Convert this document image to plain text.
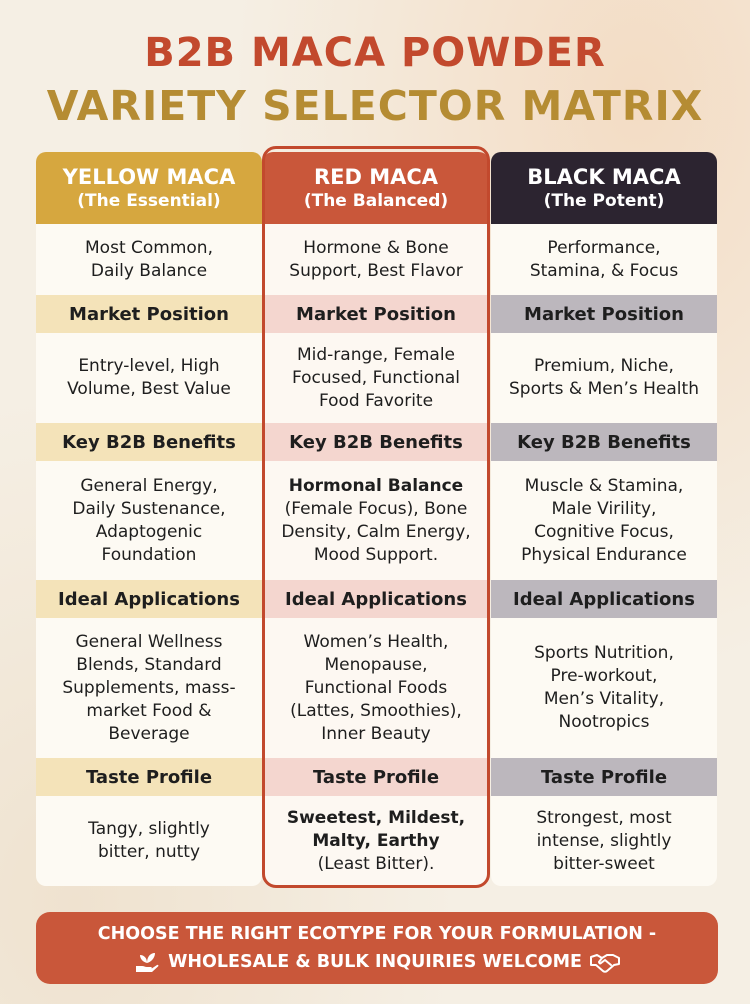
B2B MACA POWDER
VARIETY SELECTOR MATRIX
YELLOW MACA
(The Essential)
Most Common,
Daily Balance
Market Position
Entry-level, High
Volume, Best Value
Key B2B Benefits
General Energy,
Daily Sustenance,
Adaptogenic
Foundation
Ideal Applications
General Wellness
Blends, Standard
Supplements, mass-
market Food &
Beverage
Taste Profile
Tangy, slightly
bitter, nutty
RED MACA
(The Balanced)
Hormone & Bone
Support, Best Flavor
Market Position
Mid-range, Female
Focused, Functional
Food Favorite
Key B2B Benefits
Hormonal Balance
(Female Focus), Bone
Density, Calm Energy,
Mood Support.
Ideal Applications
Women’s Health,
Menopause,
Functional Foods
(Lattes, Smoothies),
Inner Beauty
Taste Profile
Sweetest, Mildest,
Malty, Earthy
(Least Bitter).
BLACK MACA
(The Potent)
Performance,
Stamina, & Focus
Market Position
Premium, Niche,
Sports & Men’s Health
Key B2B Benefits
Muscle & Stamina,
Male Virility,
Cognitive Focus,
Physical Endurance
Ideal Applications
Sports Nutrition,
Pre-workout,
Men’s Vitality,
Nootropics
Taste Profile
Strongest, most
intense, slightly
bitter-sweet
CHOOSE THE RIGHT ECOTYPE FOR YOUR FORMULATION -
WHOLESALE & BULK INQUIRIES WELCOME
